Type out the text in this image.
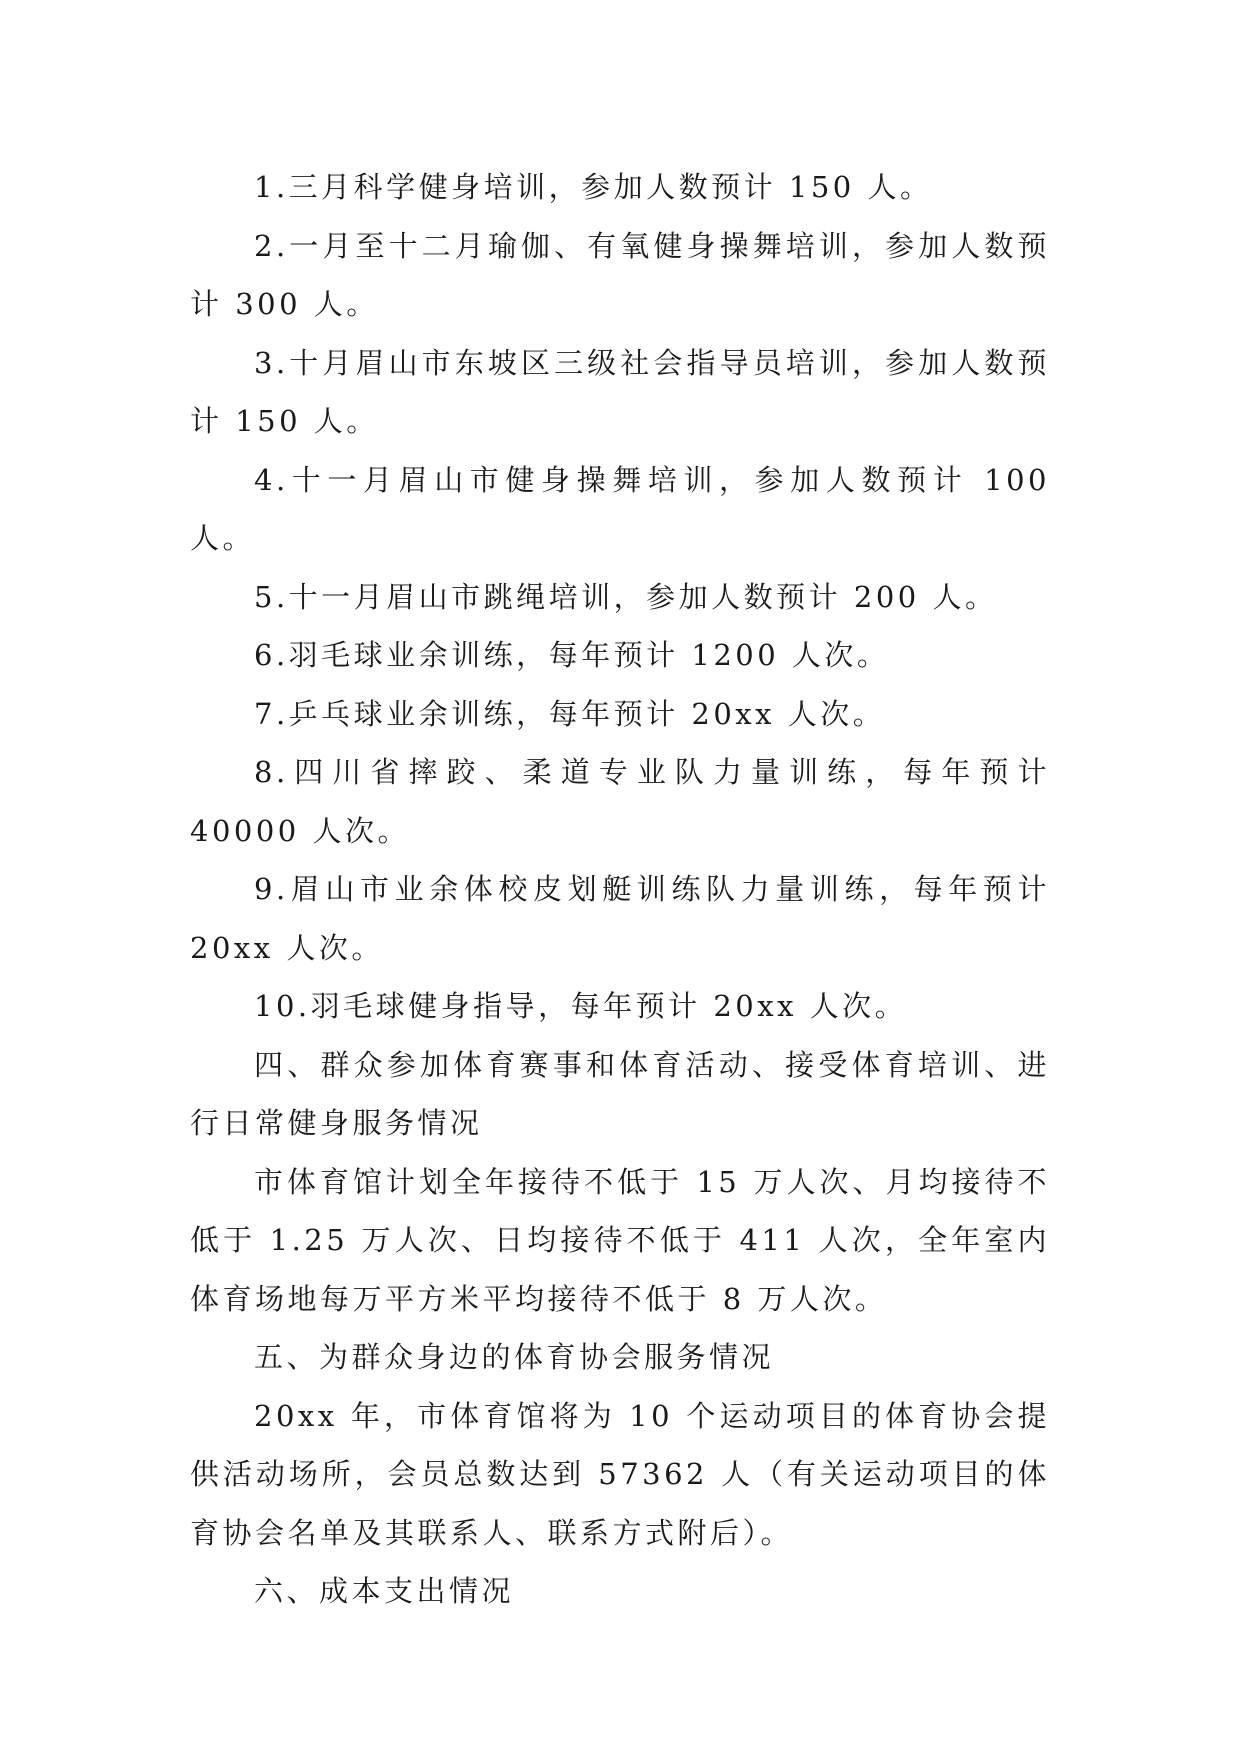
1.三月科学健身培训，参加人数预计 150 人。

2.一月至十二月瑜伽、有氧健身操舞培训，参加人数预计 300 人。

3.十月眉山市东坡区三级社会指导员培训，参加人数预计 150 人。

4.十一月眉山市健身操舞培训，参加人数预计 100 人。

5.十一月眉山市跳绳培训，参加人数预计 200 人。

6.羽毛球业余训练，每年预计 1200 人次。

7.乒乓球业余训练，每年预计 20xx 人次。

8.四川省摔跤、柔道专业队力量训练，每年预计 40000 人次。

9.眉山市业余体校皮划艇训练队力量训练，每年预计 20xx 人次。

10.羽毛球健身指导，每年预计 20xx 人次。

四、群众参加体育赛事和体育活动、接受体育培训、进行日常健身服务情况

市体育馆计划全年接待不低于 15 万人次、月均接待不低于 1.25 万人次、日均接待不低于 411 人次，全年室内体育场地每万平方米平均接待不低于 8 万人次。

五、为群众身边的体育协会服务情况

20xx 年，市体育馆将为 10 个运动项目的体育协会提供活动场所，会员总数达到 57362 人（有关运动项目的体育协会名单及其联系人、联系方式附后）。

六、成本支出情况
